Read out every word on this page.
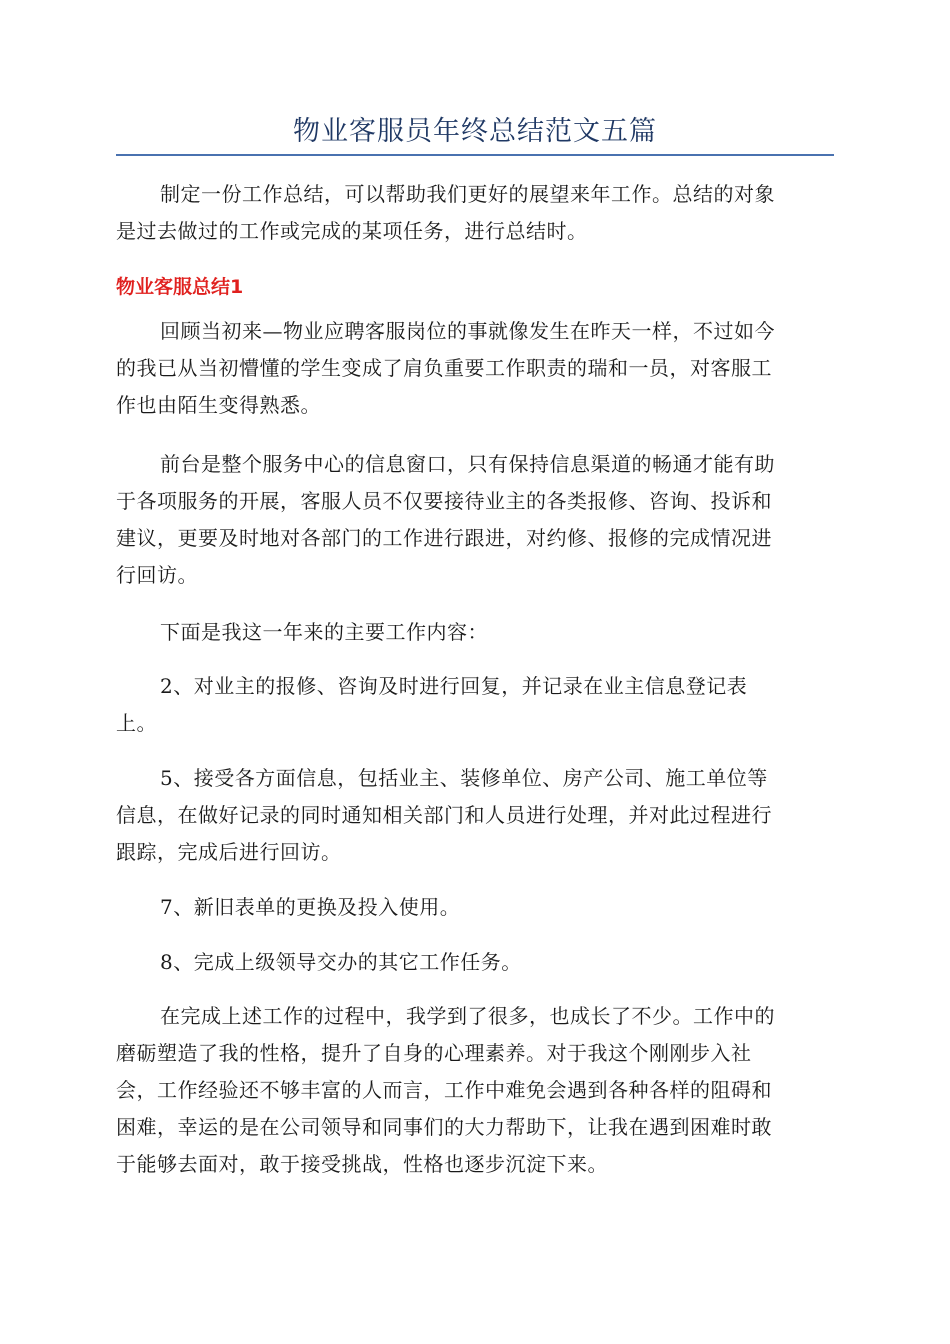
物业客服员年终总结范文五篇
制定一份工作总结，可以帮助我们更好的展望来年工作。总结的对象
是过去做过的工作或完成的某项任务，进行总结时。
物业客服总结1
回顾当初来—物业应聘客服岗位的事就像发生在昨天一样，不过如今
的我已从当初懵懂的学生变成了肩负重要工作职责的瑞和一员，对客服工
作也由陌生变得熟悉。
前台是整个服务中心的信息窗口，只有保持信息渠道的畅通才能有助
于各项服务的开展，客服人员不仅要接待业主的各类报修、咨询、投诉和
建议，更要及时地对各部门的工作进行跟进，对约修、报修的完成情况进
行回访。
下面是我这一年来的主要工作内容：
2、对业主的报修、咨询及时进行回复，并记录在业主信息登记表
上。
5、接受各方面信息，包括业主、装修单位、房产公司、施工单位等
信息，在做好记录的同时通知相关部门和人员进行处理，并对此过程进行
跟踪，完成后进行回访。
7、新旧表单的更换及投入使用。
8、完成上级领导交办的其它工作任务。
在完成上述工作的过程中，我学到了很多，也成长了不少。工作中的
磨砺塑造了我的性格，提升了自身的心理素养。对于我这个刚刚步入社
会，工作经验还不够丰富的人而言，工作中难免会遇到各种各样的阻碍和
困难，幸运的是在公司领导和同事们的大力帮助下，让我在遇到困难时敢
于能够去面对，敢于接受挑战，性格也逐步沉淀下来。
